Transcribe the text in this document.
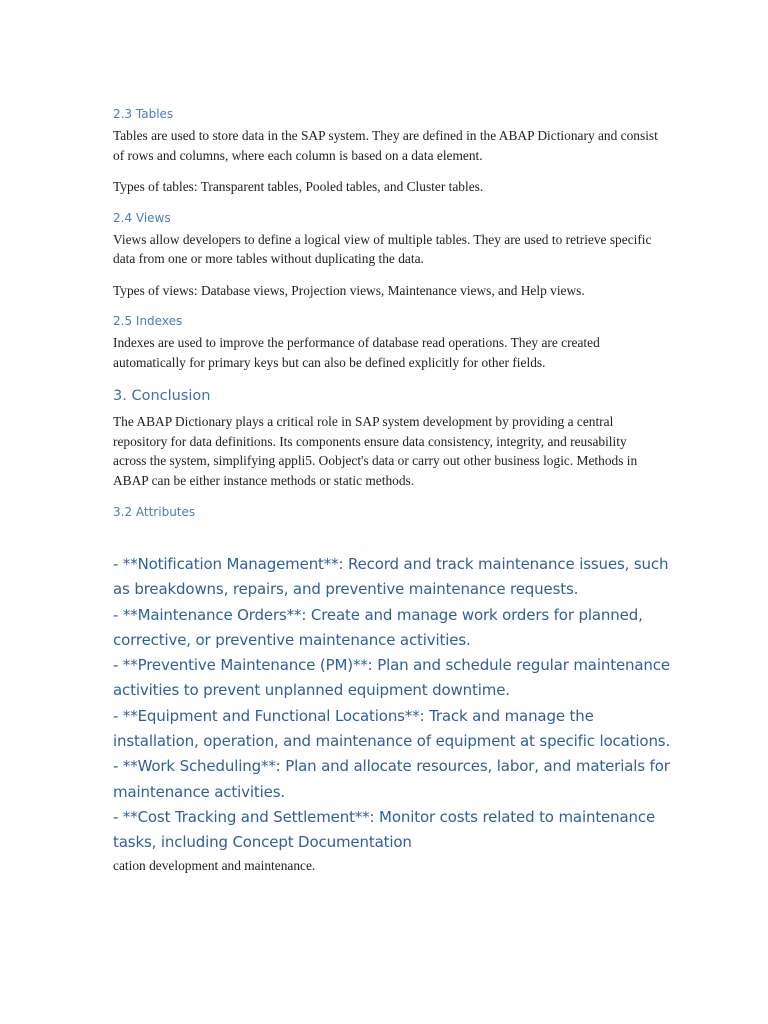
2.3 Tables

Tables are used to store data in the SAP system. They are defined in the ABAP Dictionary and consist of rows and columns, where each column is based on a data element.

Types of tables: Transparent tables, Pooled tables, and Cluster tables.

2.4 Views

Views allow developers to define a logical view of multiple tables. They are used to retrieve specific data from one or more tables without duplicating the data.

Types of views: Database views, Projection views, Maintenance views, and Help views.

2.5 Indexes

Indexes are used to improve the performance of database read operations. They are created automatically for primary keys but can also be defined explicitly for other fields.

3. Conclusion

The ABAP Dictionary plays a critical role in SAP system development by providing a central repository for data definitions. Its components ensure data consistency, integrity, and reusability across the system, simplifying appli5. Oobject's data or carry out other business logic. Methods in ABAP can be either instance methods or static methods.

3.2 Attributes
- **Notification Management**: Record and track maintenance issues, such as breakdowns, repairs, and preventive maintenance requests.
- **Maintenance Orders**: Create and manage work orders for planned, corrective, or preventive maintenance activities.
- **Preventive Maintenance (PM)**: Plan and schedule regular maintenance activities to prevent unplanned equipment downtime.
- **Equipment and Functional Locations**: Track and manage the installation, operation, and maintenance of equipment at specific locations.
- **Work Scheduling**: Plan and allocate resources, labor, and materials for maintenance activities.
- **Cost Tracking and Settlement**: Monitor costs related to maintenance tasks, including Concept Documentation

cation development and maintenance.
